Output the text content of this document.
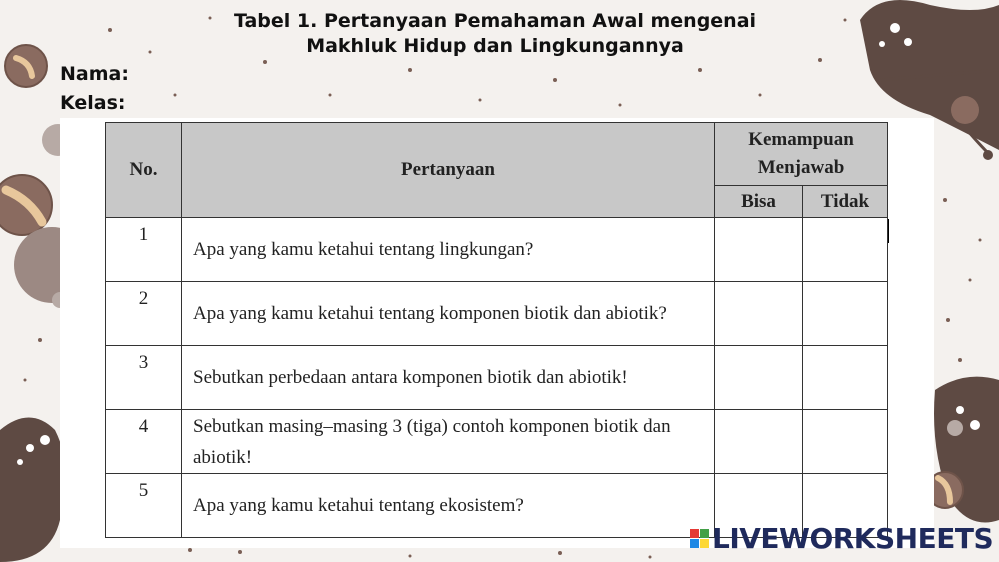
Tabel 1. Pertanyaan Pemahaman Awal mengenai
Makhluk Hidup dan Lingkungannya
Nama:
Kelas:
No.	Pertanyaan	Kemampuan
Menjawab	

		Bisa	Tidak
1	Apa yang kamu ketahui tentang lingkungan?		
2	Apa yang kamu ketahui tentang komponen biotik dan abiotik?		
3	Sebutkan perbedaan antara komponen biotik dan abiotik!		
4	Sebutkan masing–masing 3 (tiga) contoh komponen biotik dan abiotik!		
5	Apa yang kamu ketahui tentang ekosistem?		
LIVEWORKSHEETS
